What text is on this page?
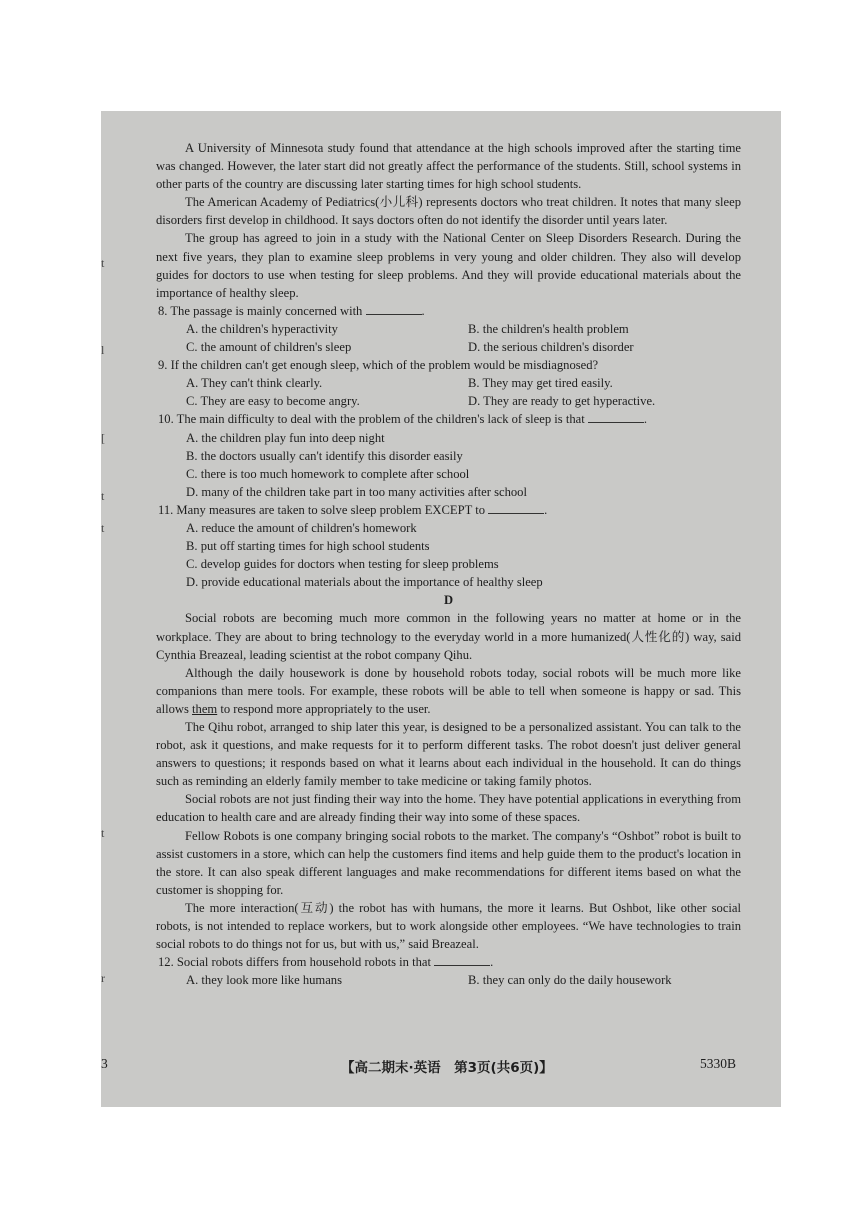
t
l
[
t
t
t
r

A University of Minnesota study found that attendance at the high schools improved after the starting time was changed. However, the later start did not greatly affect the performance of the students. Still, school systems in other parts of the country are discussing later starting times for high school students.

The American Academy of Pediatrics(小儿科) represents doctors who treat children. It notes that many sleep disorders first develop in childhood. It says doctors often do not identify the disorder until years later.

The group has agreed to join in a study with the National Center on Sleep Disorders Research. During the next five years, they plan to examine sleep problems in very young and older children. They also will develop guides for doctors to use when testing for sleep problems. And they will provide educational materials about the importance of healthy sleep.

8. The passage is mainly concerned with	.

A. the children's hyperactivity	B. the children's health problem
C. the amount of children's sleep	D. the serious children's disorder

9. If the children can't get enough sleep, which of the problem would be misdiagnosed?

A. They can't think clearly.	B. They may get tired easily.
C. They are easy to become angry.	D. They are ready to get hyperactive.

10. The main difficulty to deal with the problem of the children's lack of sleep is that	.

A. the children play fun into deep night

B. the doctors usually can't identify this disorder easily

C. there is too much homework to complete after school

D. many of the children take part in too many activities after school

11. Many measures are taken to solve sleep problem EXCEPT to	.

A. reduce the amount of children's homework

B. put off starting times for high school students

C. develop guides for doctors when testing for sleep problems

D. provide educational materials about the importance of healthy sleep

D

Social robots are becoming much more common in the following years no matter at home or in the workplace. They are about to bring technology to the everyday world in a more humanized(人性化的) way, said Cynthia Breazeal, leading scientist at the robot company Qihu.

Although the daily housework is done by household robots today, social robots will be much more like companions than mere tools. For example, these robots will be able to tell when someone is happy or sad. This allows them to respond more appropriately to the user.

The Qihu robot, arranged to ship later this year, is designed to be a personalized assistant. You can talk to the robot, ask it questions, and make requests for it to perform different tasks. The robot doesn't just deliver general answers to questions; it responds based on what it learns about each individual in the household. It can do things such as reminding an elderly family member to take medicine or taking family photos.

Social robots are not just finding their way into the home. They have potential applications in everything from education to health care and are already finding their way into some of these spaces.

Fellow Robots is one company bringing social robots to the market. The company's “Oshbot” robot is built to assist customers in a store, which can help the customers find items and help guide them to the product's location in the store. It can also speak different languages and make recommendations for different items based on what the customer is shopping for.

The more interaction(互动) the robot has with humans, the more it learns. But Oshbot, like other social robots, is not intended to replace workers, but to work alongside other employees. “We have technologies to train social robots to do things not for us, but with us,” said Breazeal.

12. Social robots differs from household robots in that	.

A. they look more like humans	B. they can only do the daily housework
3	【高二期末·英语　第3页(共6页)】	5330B
